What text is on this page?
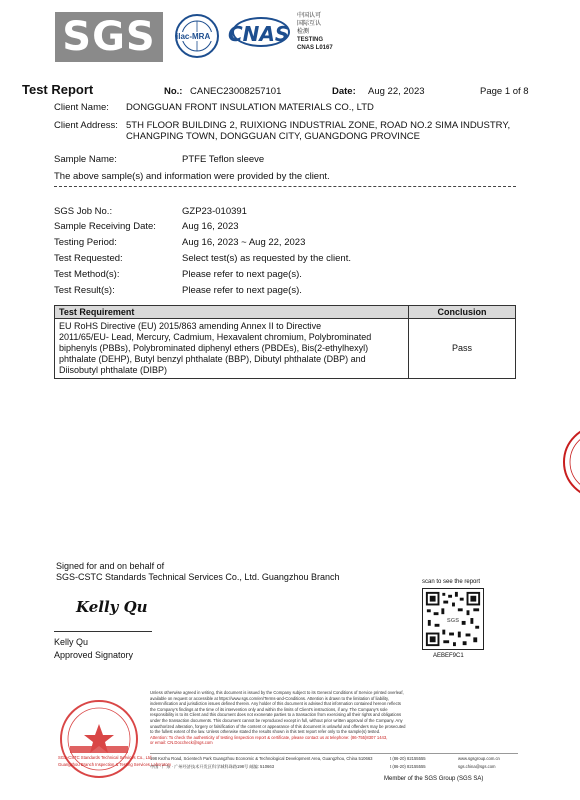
SGS	ilac-MRA CNAS
中国认可
国际互认
检测
TESTING
CNAS L0167
Test Report	No.: CANEC23008257101	Date: Aug 22, 2023	Page 1 of 8
Client Name: DONGGUAN FRONT INSULATION MATERIALS CO., LTD
Client Address: 5TH FLOOR BUILDING 2, RUIXIONG INDUSTRIAL ZONE, ROAD NO.2 SIMA INDUSTRY,
CHANGPING TOWN, DONGGUAN CITY, GUANGDONG PROVINCE
Sample Name:	PTFE Teflon sleeve
The above sample(s) and information were provided by the client.
SGS Job No.:	GZP23-010391
Sample Receiving Date:	Aug 16, 2023
Testing Period:	Aug 16, 2023 ~ Aug 22, 2023
Test Requested:	Select test(s) as requested by the client.
Test Method(s):	Please refer to next page(s).
Test Result(s):	Please refer to next page(s).
Test Requirement	Conclusion

EU RoHS Directive (EU) 2015/863 amending Annex II to Directive
2011/65/EU- Lead, Mercury, Cadmium, Hexavalent chromium, Polybrominated
biphenyls (PBBs), Polybrominated diphenyl ethers (PBDEs), Bis(2-ethylhexyl)
phthalate (DEHP), Butyl benzyl phthalate (BBP), Dibutyl phthalate (DBP) and
Diisobutyl phthalate (DIBP)	Pass
Signed for and on behalf of
SGS-CSTC Standards Technical Services Co., Ltd. Guangzhou Branch
Kelly Qu
Kelly Qu
Approved Signatory
scan to see the report
SGS
AEBEF9C1
SGS-CSTC Standards Technical Services Co., Ltd.
Guangzhou Branch Inspection & Testing Services Laboratory
Unless otherwise agreed in writing, this document is issued by the Company subject to its General Conditions of Service printed overleaf,
available on request or accessible at https://www.sgs.com/en/Terms-and-Conditions. Attention is drawn to the limitation of liability,
indemnification and jurisdiction issues defined therein. Any holder of this document is advised that information contained hereon reflects
the Company's findings at the time of its intervention only and within the limits of Client's instructions, if any. The Company's sole
responsibility is to its Client and this document does not exonerate parties to a transaction from exercising all their rights and obligations
under the transaction documents. This document cannot be reproduced except in full, without prior written approval of the Company. Any
unauthorized alteration, forgery or falsification of the content or appearance of this document is unlawful and offenders may be prosecuted
to the fullest extent of the law. Unless otherwise stated the results shown in this test report refer only to the sample(s) tested.
Attention: To check the authenticity of testing /inspection report & certificate, please contact us at telephone: (86-755)8307 1443,
or email: CN.Doccheck@sgs.com
198 Kezhu Road, Scientech Park Guangzhou Economic & Technological Development Area, Guangzhou, China 510663
中国 · 广东 · 广州经济技术开发区科学城科珠路198号 邮编: 510663
t (86-20) 82155555
t (86-20) 82155555
www.sgsgroup.com.cn
sgs.china@sgs.com
Member of the SGS Group (SGS SA)
